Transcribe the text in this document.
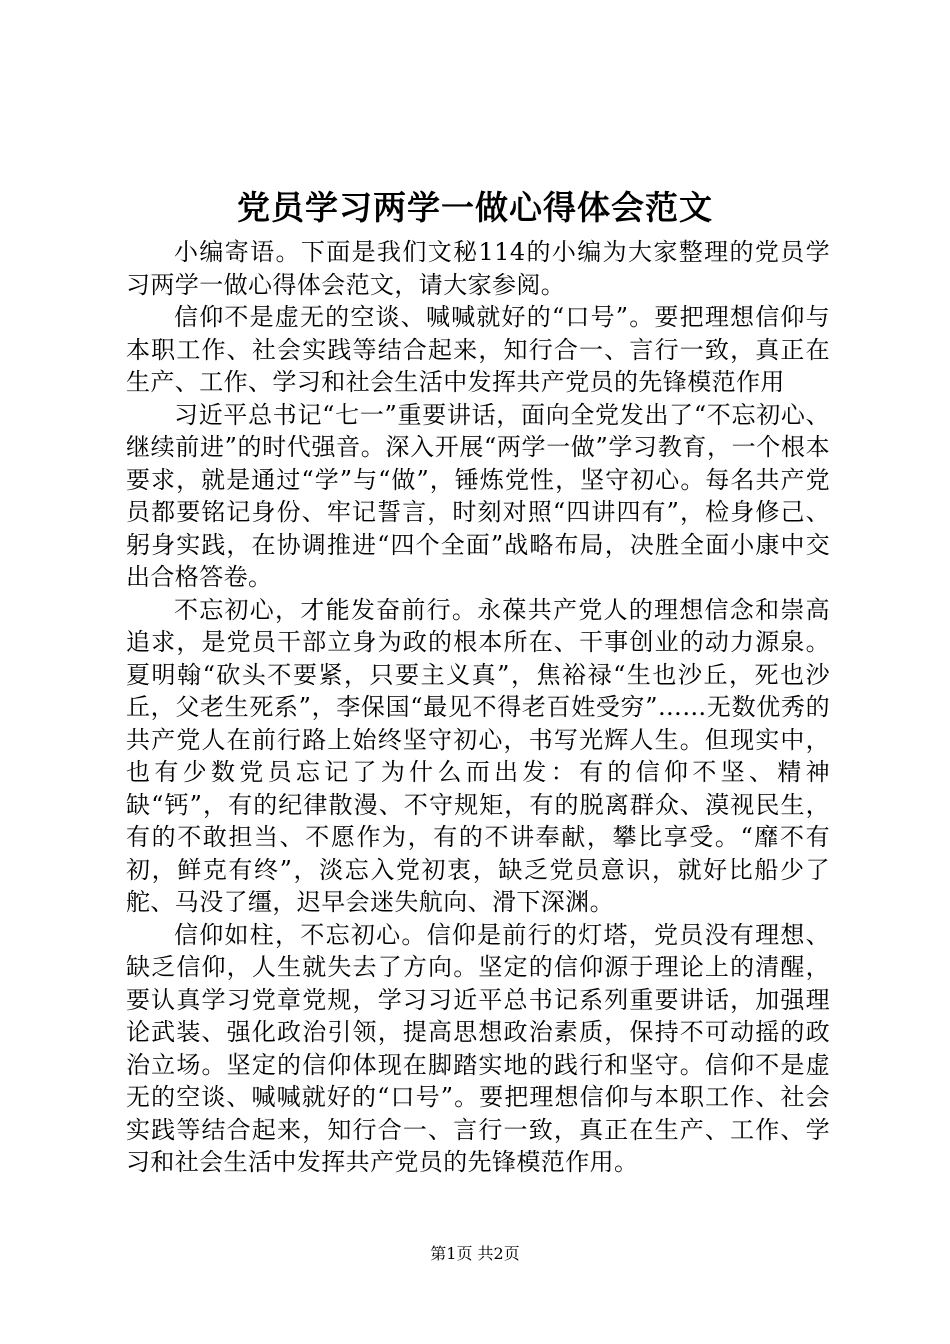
党员学习两学一做心得体会范文

小编寄语。下面是我们文秘114的小编为大家整理的党员学习两学一做心得体会范文，请大家参阅。

信仰不是虚无的空谈、喊喊就好的“口号”。要把理想信仰与本职工作、社会实践等结合起来，知行合一、言行一致，真正在生产、工作、学习和社会生活中发挥共产党员的先锋模范作用

习近平总书记“七一”重要讲话，面向全党发出了“不忘初心、继续前进”的时代强音。深入开展“两学一做”学习教育，一个根本要求，就是通过“学”与“做”，锤炼党性，坚守初心。每名共产党员都要铭记身份、牢记誓言，时刻对照“四讲四有”，检身修己、躬身实践，在协调推进“四个全面”战略布局，决胜全面小康中交出合格答卷。

不忘初心，才能发奋前行。永葆共产党人的理想信念和崇高追求，是党员干部立身为政的根本所在、干事创业的动力源泉。夏明翰“砍头不要紧，只要主义真”，焦裕禄“生也沙丘，死也沙丘，父老生死系”，李保国“最见不得老百姓受穷”……无数优秀的共产党人在前行路上始终坚守初心，书写光辉人生。但现实中，也有少数党员忘记了为什么而出发：有的信仰不坚、精神缺“钙”，有的纪律散漫、不守规矩，有的脱离群众、漠视民生，有的不敢担当、不愿作为，有的不讲奉献，攀比享受。“靡不有初，鲜克有终”，淡忘入党初衷，缺乏党员意识，就好比船少了舵、马没了缰，迟早会迷失航向、滑下深渊。

信仰如柱，不忘初心。信仰是前行的灯塔，党员没有理想、缺乏信仰，人生就失去了方向。坚定的信仰源于理论上的清醒，要认真学习党章党规，学习习近平总书记系列重要讲话，加强理论武装、强化政治引领，提高思想政治素质，保持不可动摇的政治立场。坚定的信仰体现在脚踏实地的践行和坚守。信仰不是虚无的空谈、喊喊就好的“口号”。要把理想信仰与本职工作、社会实践等结合起来，知行合一、言行一致，真正在生产、工作、学习和社会生活中发挥共产党员的先锋模范作用。

第1页 共2页
